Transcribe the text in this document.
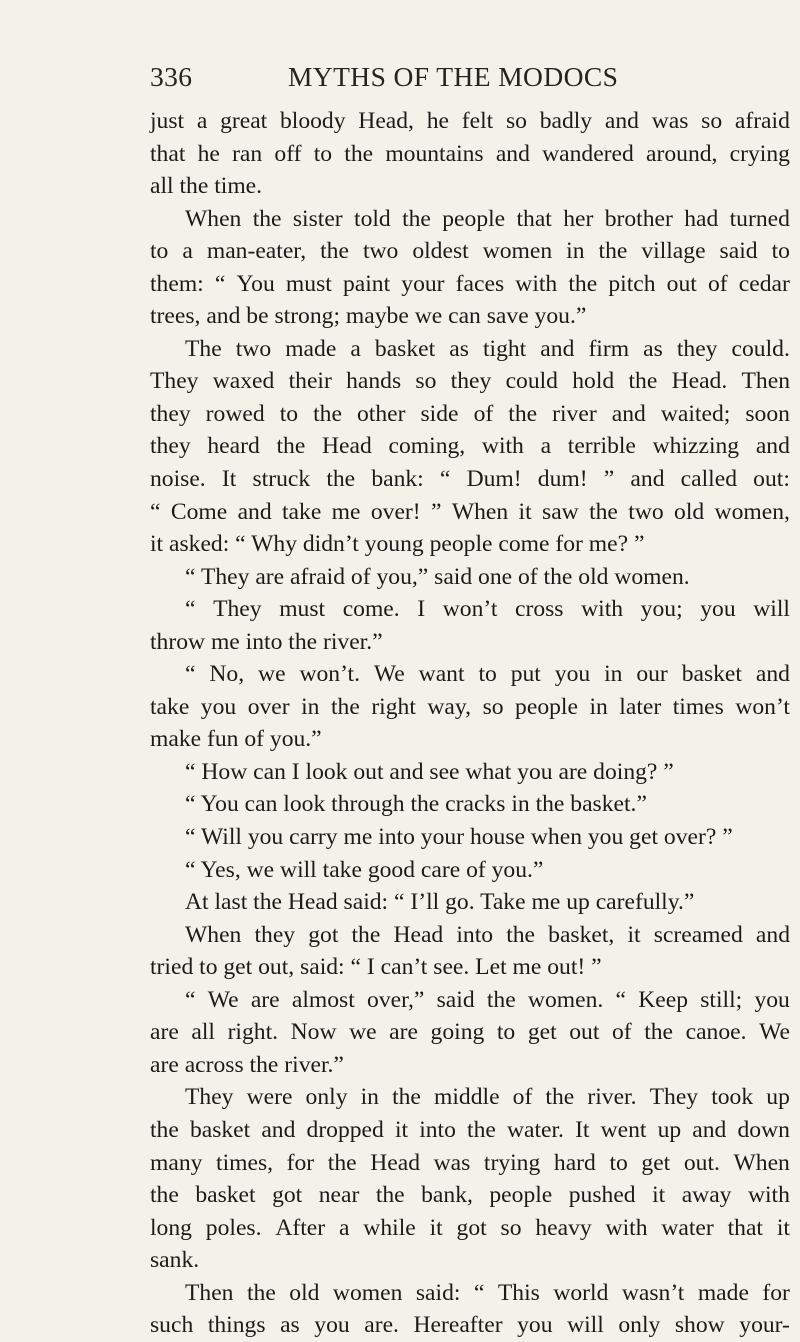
336	MYTHS OF THE MODOCS
just a great bloody Head, he felt so badly and was so afraid
that he ran off to the mountains and wandered around, crying
all the time.
When the sister told the people that her brother had turned
to a man-eater, the two oldest women in the village said to
them: “ You must paint your faces with the pitch out of cedar
trees, and be strong; maybe we can save you.”
The two made a basket as tight and firm as they could.
They waxed their hands so they could hold the Head. Then
they rowed to the other side of the river and waited; soon
they heard the Head coming, with a terrible whizzing and
noise. It struck the bank: “ Dum! dum! ” and called out:
“ Come and take me over! ” When it saw the two old women,
it asked: “ Why didn’t young people come for me? ”
“ They are afraid of you,” said one of the old women.
“ They must come. I won’t cross with you; you will
throw me into the river.”
“ No, we won’t. We want to put you in our basket and
take you over in the right way, so people in later times won’t
make fun of you.”
“ How can I look out and see what you are doing? ”
“ You can look through the cracks in the basket.”
“ Will you carry me into your house when you get over? ”
“ Yes, we will take good care of you.”
At last the Head said: “ I’ll go. Take me up carefully.”
When they got the Head into the basket, it screamed and
tried to get out, said: “ I can’t see. Let me out! ”
“ We are almost over,” said the women. “ Keep still; you
are all right. Now we are going to get out of the canoe. We
are across the river.”
They were only in the middle of the river. They took up
the basket and dropped it into the water. It went up and down
many times, for the Head was trying hard to get out. When
the basket got near the bank, people pushed it away with
long poles. After a while it got so heavy with water that it
sank.
Then the old women said: “ This world wasn’t made for
such things as you are. Hereafter you will only show your-
